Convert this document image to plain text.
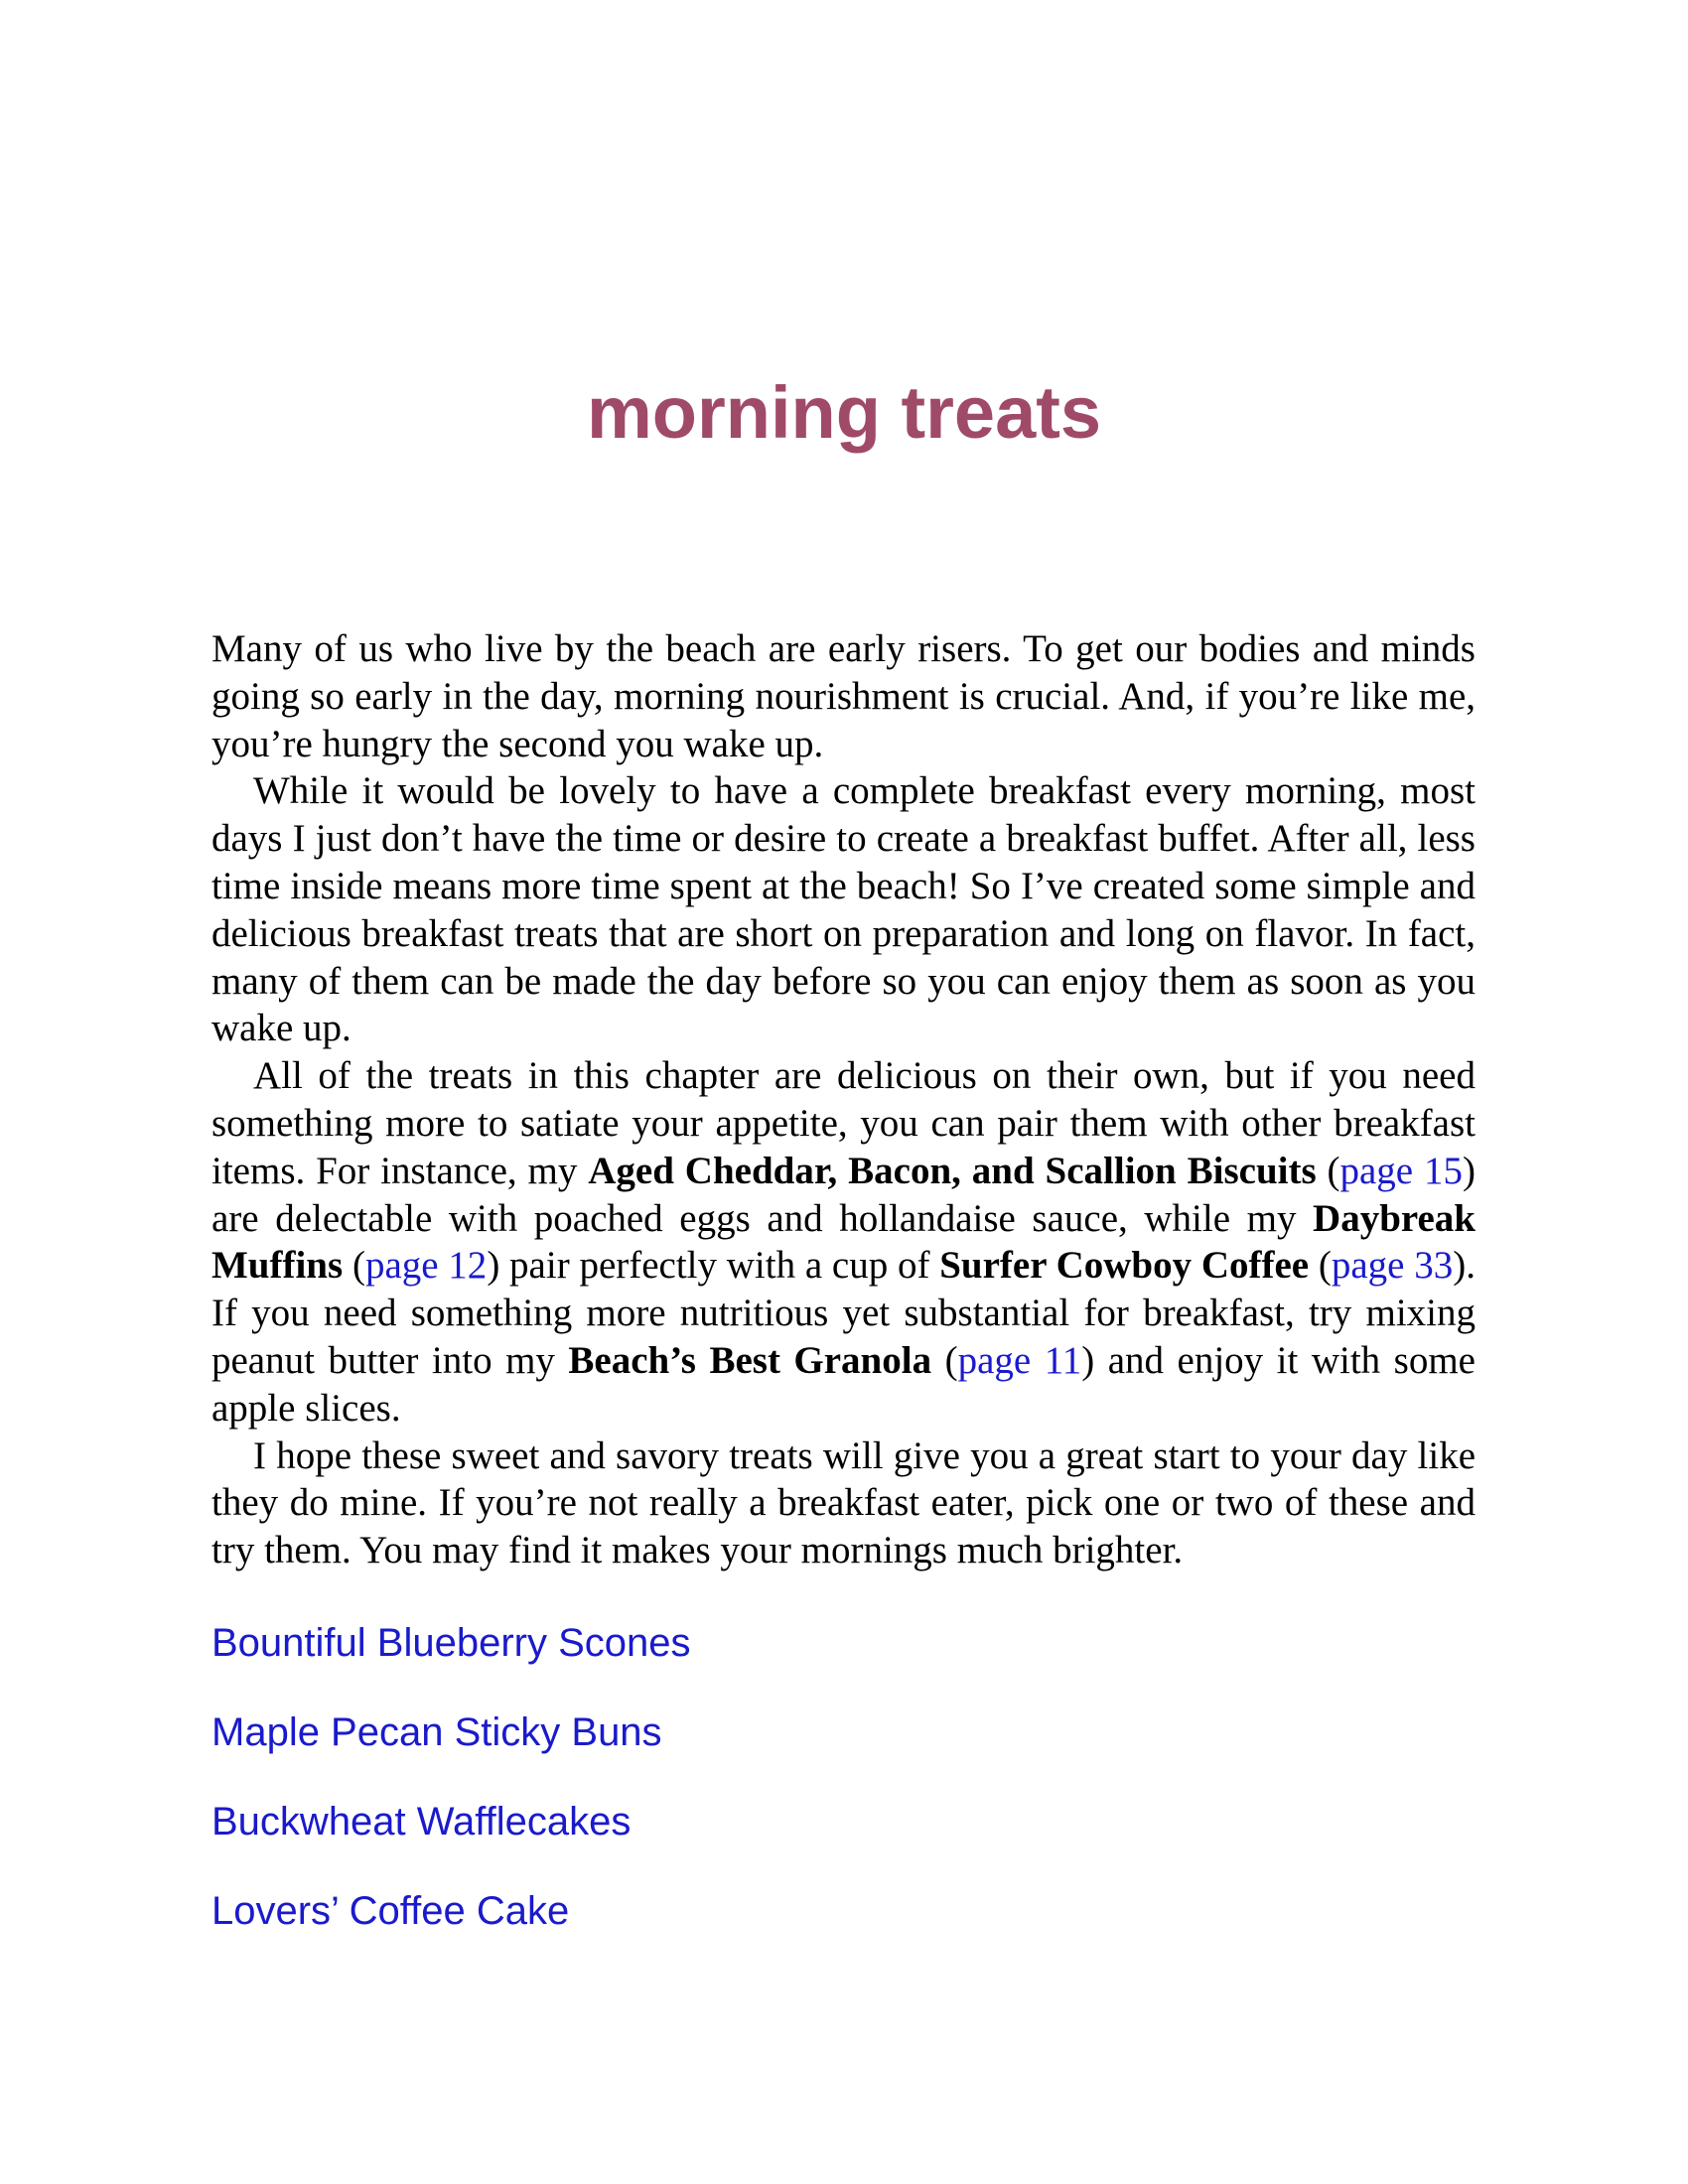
morning treats

Many of us who live by the beach are early risers. To get our bodies and minds going so early in the day, morning nourishment is crucial. And, if you’re like me, you’re hungry the second you wake up.

While it would be lovely to have a complete breakfast every morning, most days I just don’t have the time or desire to create a breakfast buffet. After all, less time inside means more time spent at the beach! So I’ve created some simple and delicious breakfast treats that are short on preparation and long on flavor. In fact, many of them can be made the day before so you can enjoy them as soon as you wake up.

All of the treats in this chapter are delicious on their own, but if you need something more to satiate your appetite, you can pair them with other breakfast items. For instance, my Aged Cheddar, Bacon, and Scallion Biscuits (page 15) are delectable with poached eggs and hollandaise sauce, while my Daybreak Muffins (page 12) pair perfectly with a cup of Surfer Cowboy Coffee (page 33). If you need something more nutritious yet substantial for breakfast, try mixing peanut butter into my Beach’s Best Granola (page 11) and enjoy it with some apple slices.

I hope these sweet and savory treats will give you a great start to your day like they do mine. If you’re not really a breakfast eater, pick one or two of these and try them. You may find it makes your mornings much brighter.

Bountiful Blueberry Scones
Maple Pecan Sticky Buns
Buckwheat Wafflecakes
Lovers’ Coffee Cake
